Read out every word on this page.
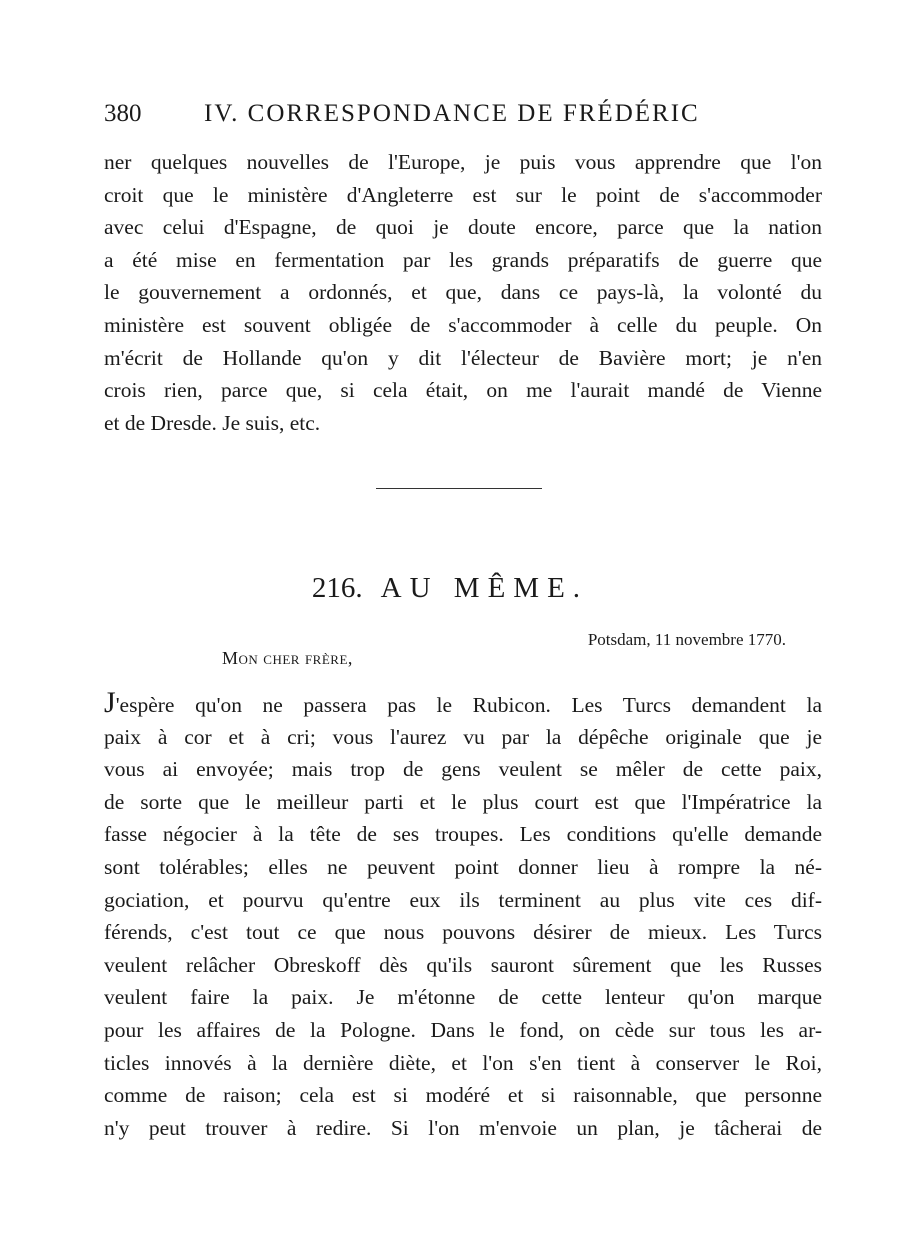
380	IV. CORRESPONDANCE DE FRÉDÉRIC
ner quelques nouvelles de l'Europe, je puis vous apprendre que l'on
croit que le ministère d'Angleterre est sur le point de s'accommoder
avec celui d'Espagne, de quoi je doute encore, parce que la nation
a été mise en fermentation par les grands préparatifs de guerre que
le gouvernement a ordonnés, et que, dans ce pays-là, la volonté du
ministère est souvent obligée de s'accommoder à celle du peuple. On
m'écrit de Hollande qu'on y dit l'électeur de Bavière mort; je n'en
crois rien, parce que, si cela était, on me l'aurait mandé de Vienne
et de Dresde. Je suis, etc.
216. AU MÊME.
Potsdam, 11 novembre 1770.
Mon cher frère,
J'espère qu'on ne passera pas le Rubicon. Les Turcs demandent la
paix à cor et à cri; vous l'aurez vu par la dépêche originale que je
vous ai envoyée; mais trop de gens veulent se mêler de cette paix,
de sorte que le meilleur parti et le plus court est que l'Impératrice la
fasse négocier à la tête de ses troupes. Les conditions qu'elle demande
sont tolérables; elles ne peuvent point donner lieu à rompre la né-
gociation, et pourvu qu'entre eux ils terminent au plus vite ces dif-
férends, c'est tout ce que nous pouvons désirer de mieux. Les Turcs
veulent relâcher Obreskoff dès qu'ils sauront sûrement que les Russes
veulent faire la paix. Je m'étonne de cette lenteur qu'on marque
pour les affaires de la Pologne. Dans le fond, on cède sur tous les ar-
ticles innovés à la dernière diète, et l'on s'en tient à conserver le Roi,
comme de raison; cela est si modéré et si raisonnable, que personne
n'y peut trouver à redire. Si l'on m'envoie un plan, je tâcherai de
